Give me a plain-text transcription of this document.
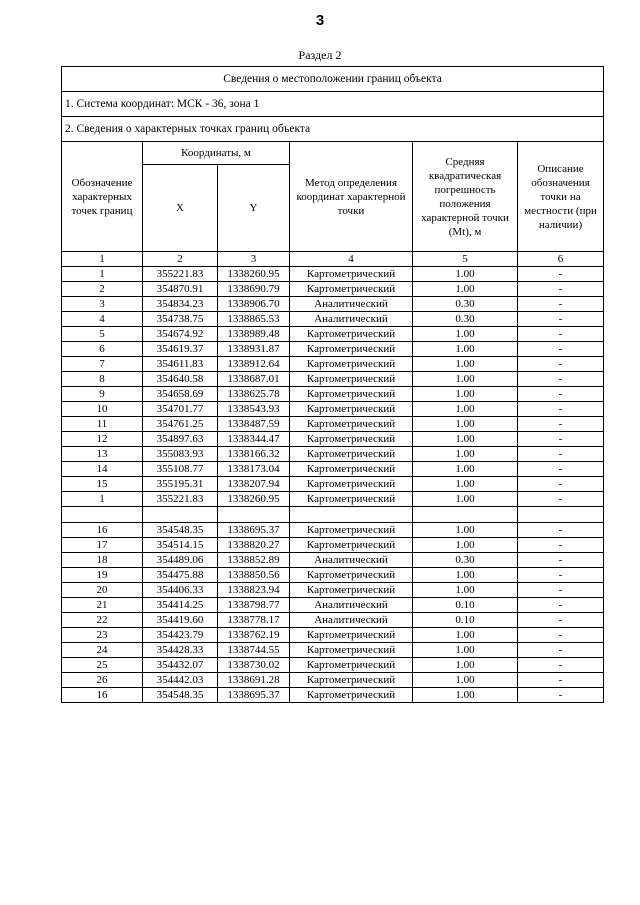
3
Раздел 2
Сведения о местоположении границ объекта					
1. Система координат: МСК - 36, зона 1					
2. Сведения о характерных точках границ объекта					
Обозначение характерных точек границ	Координаты, м		Метод определения координат характерной точки	Средняя квадратическая погрешность положения характерной точки (Mt), м	Описание обозначения точки на местности (при наличии)
	X	Y			
1	2	3	4	5	6
1	355221.83	1338260.95	Картометрический	1.00	-
2	354870.91	1338690.79	Картометрический	1.00	-
3	354834.23	1338906.70	Аналитический	0.30	-
4	354738.75	1338865.53	Аналитический	0.30	-
5	354674.92	1338989.48	Картометрический	1.00	-
6	354619.37	1338931.87	Картометрический	1.00	-
7	354611.83	1338912.64	Картометрический	1.00	-
8	354640.58	1338687.01	Картометрический	1.00	-
9	354658.69	1338625.78	Картометрический	1.00	-
10	354701.77	1338543.93	Картометрический	1.00	-
11	354761.25	1338487.59	Картометрический	1.00	-
12	354897.63	1338344.47	Картометрический	1.00	-
13	355083.93	1338166.32	Картометрический	1.00	-
14	355108.77	1338173.04	Картометрический	1.00	-
15	355195.31	1338207.94	Картометрический	1.00	-
1	355221.83	1338260.95	Картометрический	1.00	-

16	354548.35	1338695.37	Картометрический	1.00	-
17	354514.15	1338820.27	Картометрический	1.00	-
18	354489.06	1338852.89	Аналитический	0.30	-
19	354475.88	1338850.56	Картометрический	1.00	-
20	354406.33	1338823.94	Картометрический	1.00	-
21	354414.25	1338798.77	Аналитический	0.10	-
22	354419.60	1338778.17	Аналитический	0.10	-
23	354423.79	1338762.19	Картометрический	1.00	-
24	354428.33	1338744.55	Картометрический	1.00	-
25	354432.07	1338730.02	Картометрический	1.00	-
26	354442.03	1338691.28	Картометрический	1.00	-
16	354548.35	1338695.37	Картометрический	1.00	-
